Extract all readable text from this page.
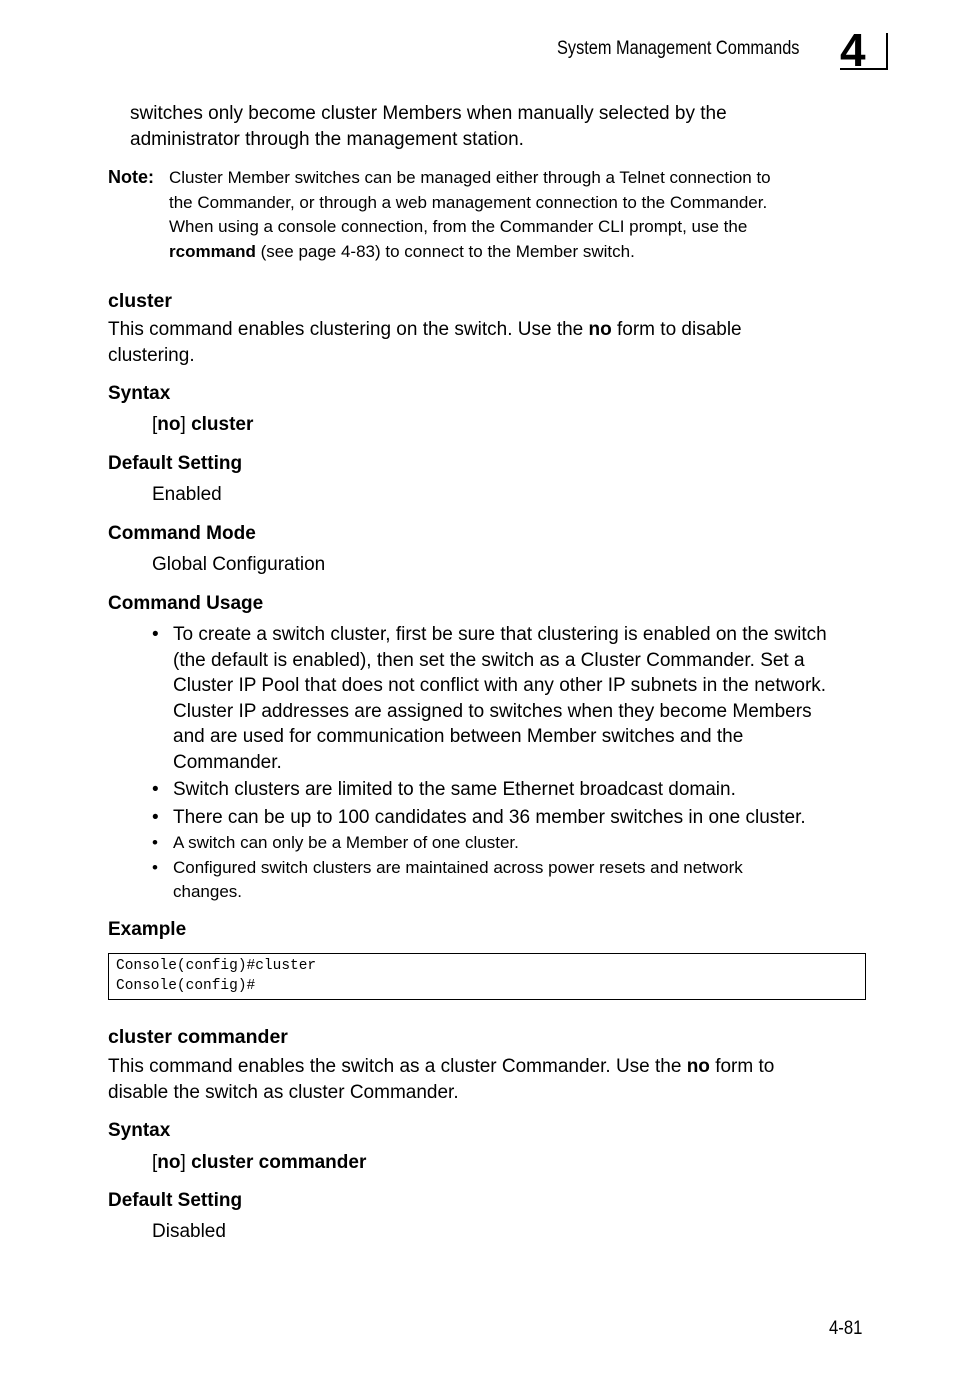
System Management Commands 4
switches only become cluster Members when manually selected by the
administrator through the management station.
Note: Cluster Member switches can be managed either through a Telnet connection to
the Commander, or through a web management connection to the Commander.
When using a console connection, from the Commander CLI prompt, use the
rcommand (see page 4-83) to connect to the Member switch.
cluster
This command enables clustering on the switch. Use the no form to disable
clustering.
Syntax
[no] cluster
Default Setting
Enabled
Command Mode
Global Configuration
Command Usage
• To create a switch cluster, first be sure that clustering is enabled on the switch
(the default is enabled), then set the switch as a Cluster Commander. Set a
Cluster IP Pool that does not conflict with any other IP subnets in the network.
Cluster IP addresses are assigned to switches when they become Members
and are used for communication between Member switches and the
Commander.
• Switch clusters are limited to the same Ethernet broadcast domain.
• There can be up to 100 candidates and 36 member switches in one cluster.
• A switch can only be a Member of one cluster.
• Configured switch clusters are maintained across power resets and network
changes.
Example
Console(config)#cluster
Console(config)#
cluster commander
This command enables the switch as a cluster Commander. Use the no form to
disable the switch as cluster Commander.
Syntax
[no] cluster commander
Default Setting
Disabled
4-81
